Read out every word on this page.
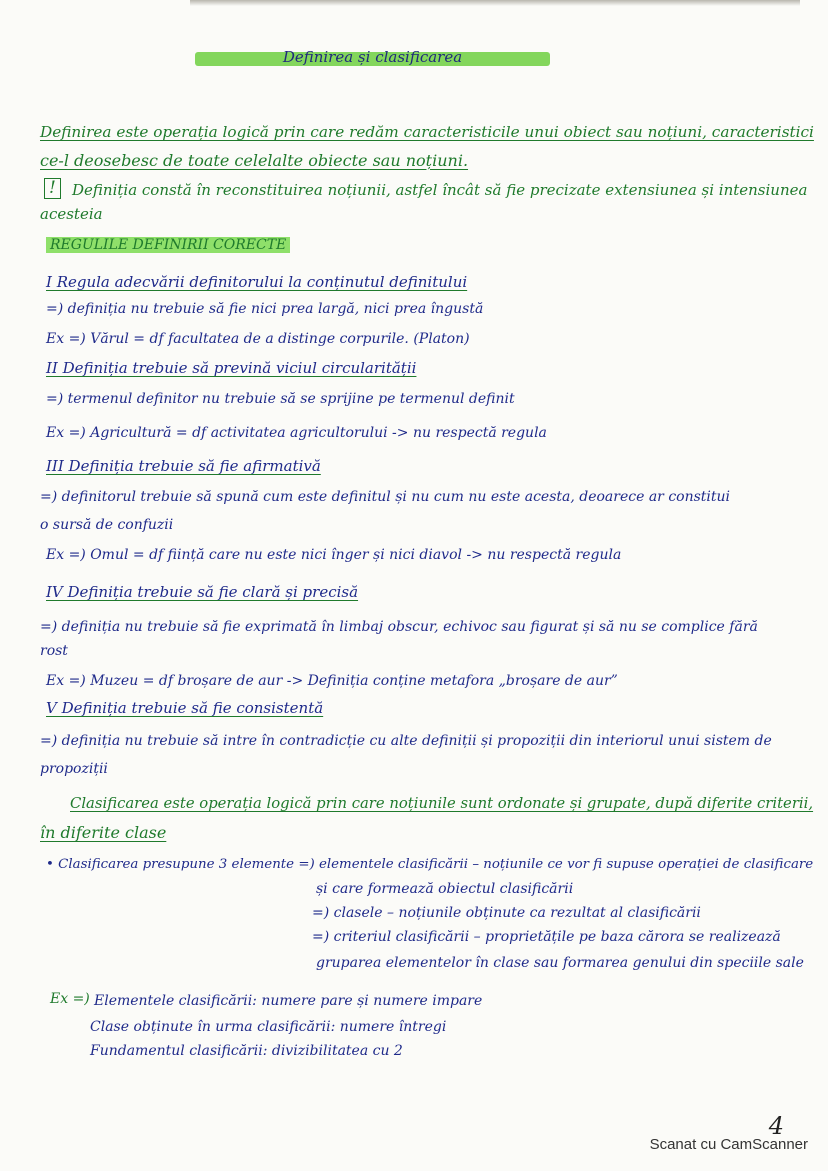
Definirea și clasificarea
Definirea este operația logică prin care redăm caracteristicile unui obiect sau noțiuni, caracteristici
ce-l deosebesc de toate celelalte obiecte sau noțiuni.
!	Definiția constă în reconstituirea noțiunii, astfel încât să fie precizate extensiunea și intensiunea
acesteia
REGULILE DEFINIRII CORECTE
I Regula adecvării definitorului la conținutul definitului
=) definiția nu trebuie să fie nici prea largă, nici prea îngustă
Ex =) Vărul = df facultatea de a distinge corpurile. (Platon)
II Definiția trebuie să prevină viciul circularității
=) termenul definitor nu trebuie să se sprijine pe termenul definit
Ex =) Agricultură = df activitatea agricultorului -> nu respectă regula
III Definiția trebuie să fie afirmativă
=) definitorul trebuie să spună cum este definitul și nu cum nu este acesta, deoarece ar constitui
o sursă de confuzii
Ex =) Omul = df ființă care nu este nici înger și nici diavol -> nu respectă regula
IV Definiția trebuie să fie clară și precisă
=) definiția nu trebuie să fie exprimată în limbaj obscur, echivoc sau figurat și să nu se complice fără
rost
Ex =) Muzeu = df broșare de aur -> Definiția conține metafora „broșare de aur”
V Definiția trebuie să fie consistentă
=) definiția nu trebuie să intre în contradicție cu alte definiții și propoziții din interiorul unui sistem de
propoziții
Clasificarea este operația logică prin care noțiunile sunt ordonate și grupate, după diferite criterii,
în diferite clase
• Clasificarea presupune 3 elemente =) elementele clasificării – noțiunile ce vor fi supuse operației de clasificare
și care formează obiectul clasificării
=) clasele – noțiunile obținute ca rezultat al clasificării
=) criteriul clasificării – proprietățile pe baza cărora se realizează
gruparea elementelor în clase sau formarea genului din speciile sale
Ex =) Elementele clasificării: numere pare și numere impare
Clase obținute în urma clasificării: numere întregi
Fundamentul clasificării: divizibilitatea cu 2
4
Scanat cu CamScanner
